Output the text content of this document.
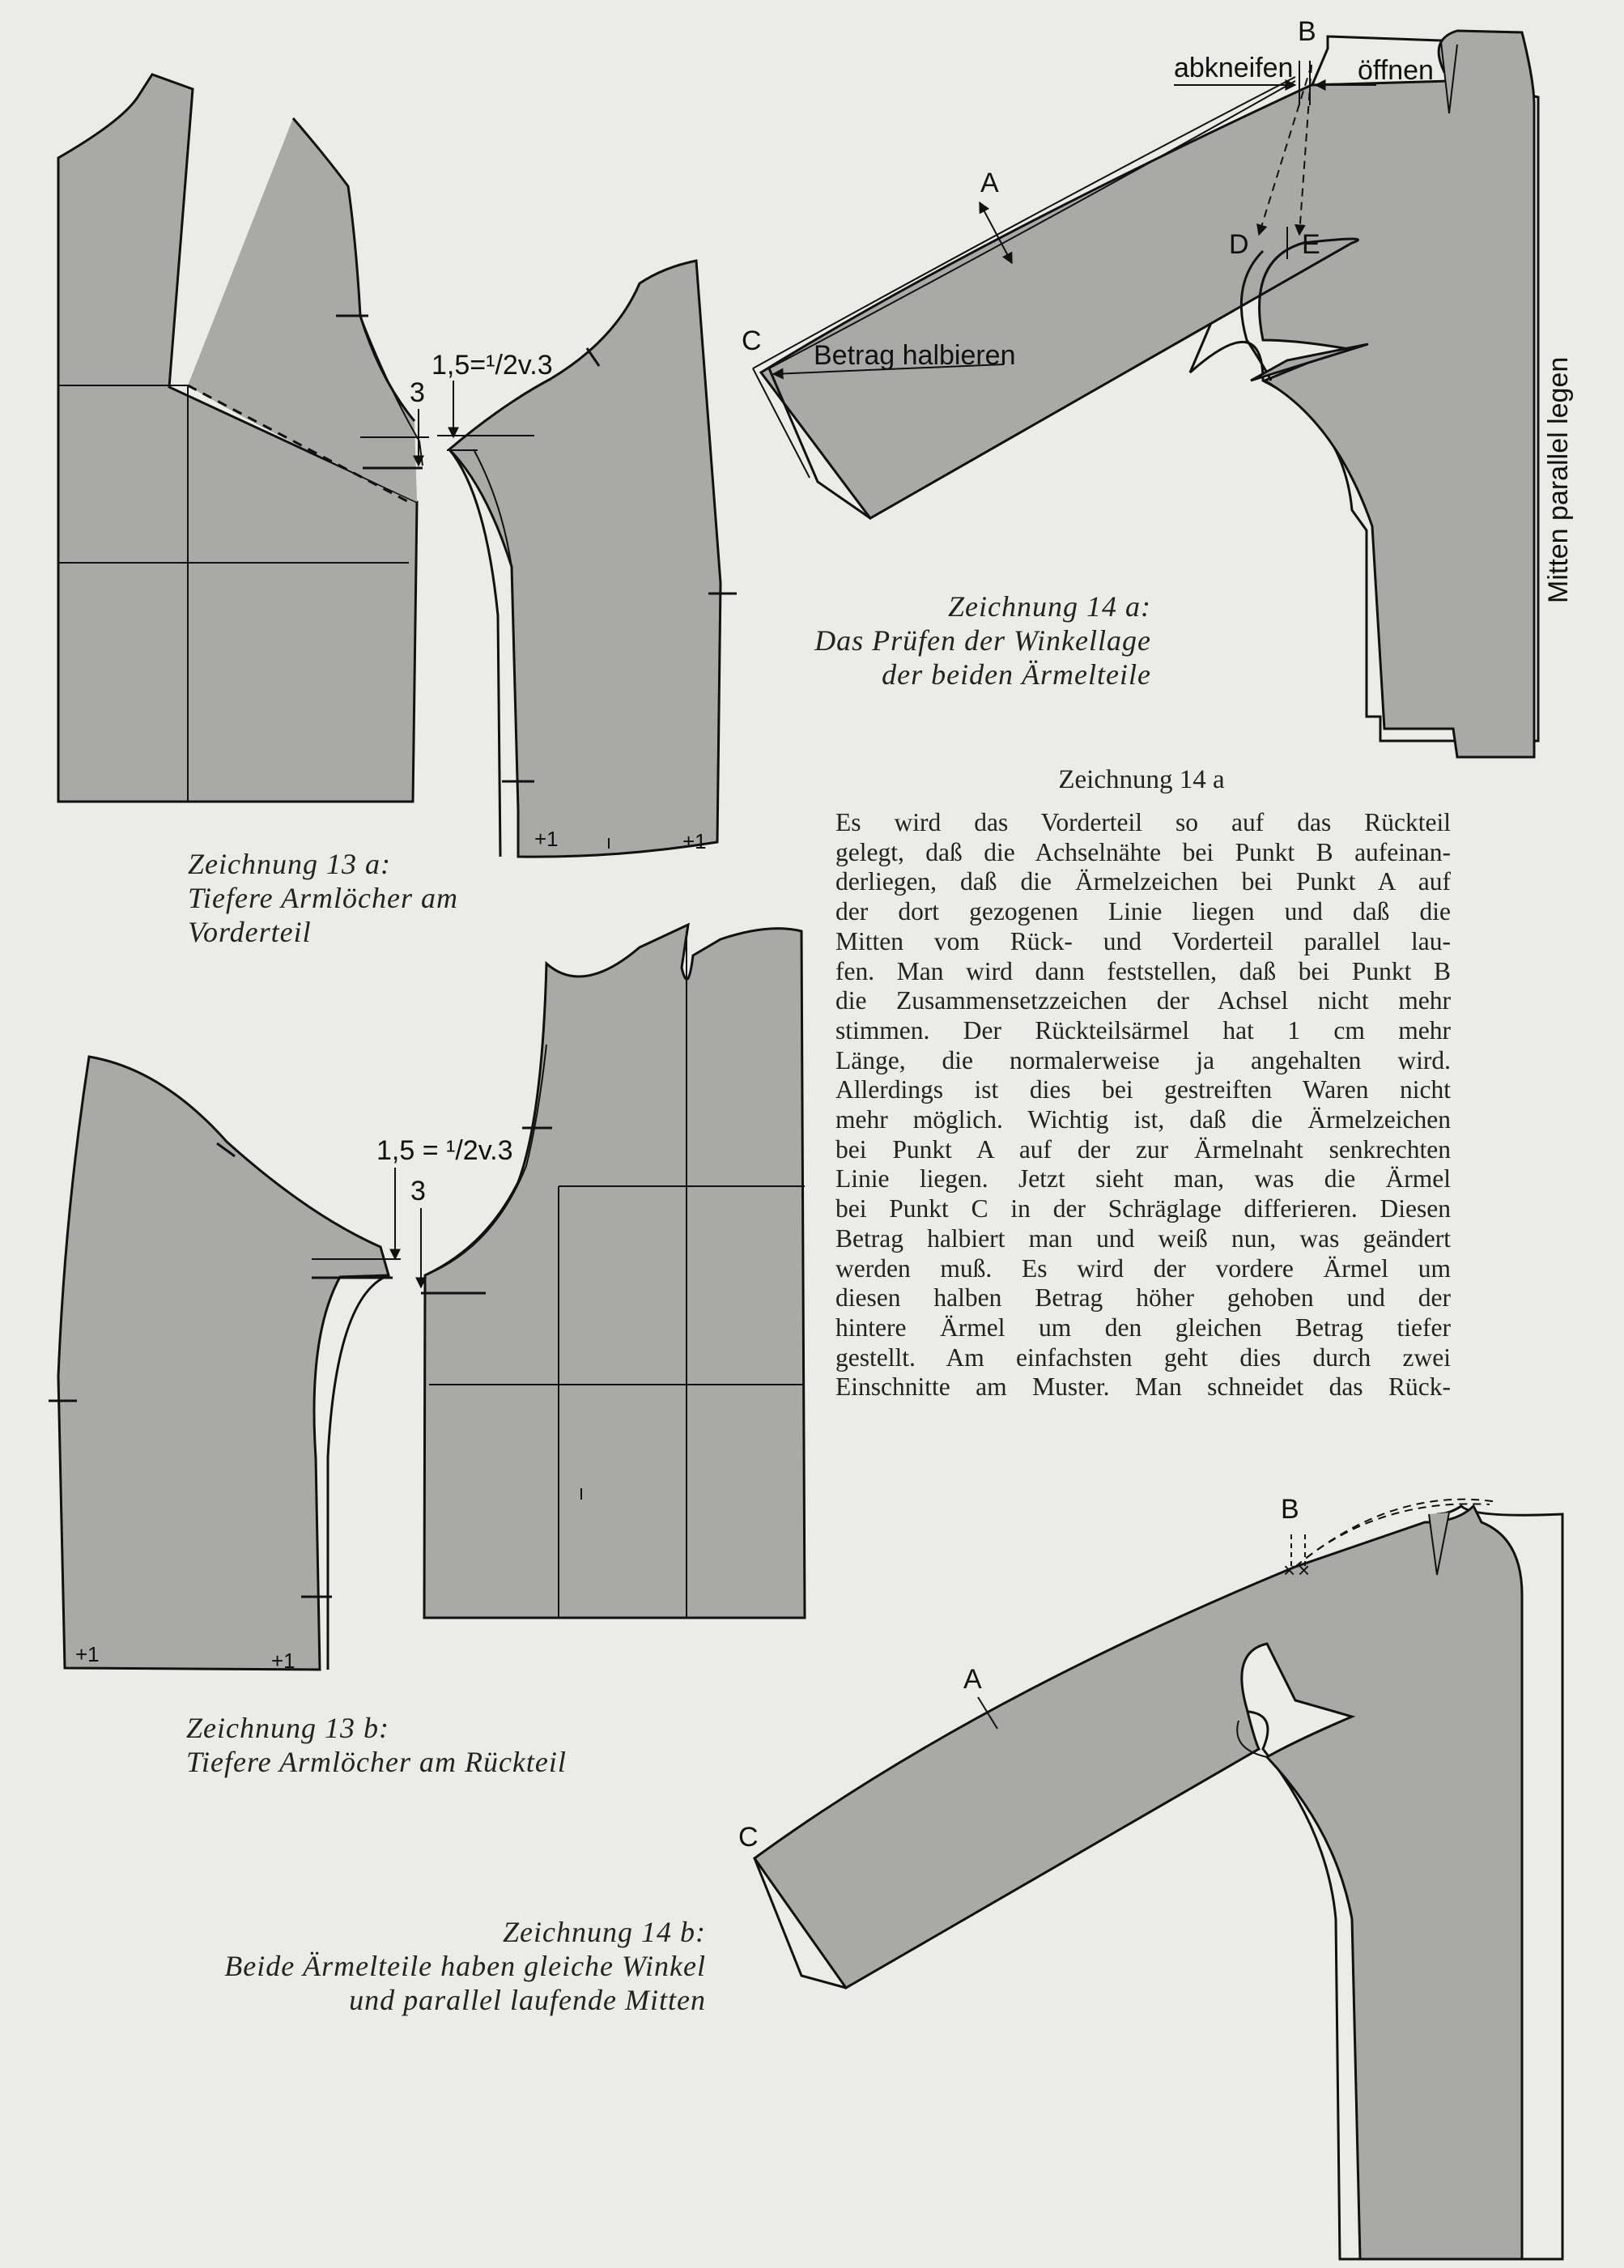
1,5=¹/2v.3
3
+1	+1
1,5 = ¹/2v.3
3
+1	+1
B
abkneifen öffnen
A
C
D E
Betrag halbieren
Mitten parallel legen
× ×
B
A
C

Zeichnung 13 a:
Tiefere Armlöcher am
Vorderteil

Zeichnung 13 b:
Tiefere Armlöcher am Rückteil

Zeichnung 14 a:
Das Prüfen der Winkellage
der beiden Ärmelteile

Zeichnung 14 b:
Beide Ärmelteile haben gleiche Winkel
und parallel laufende Mitten

Zeichnung 14 a
Es wird das Vorderteil so auf das Rückteil
gelegt, daß die Achselnähte bei Punkt B aufeinan-
derliegen, daß die Ärmelzeichen bei Punkt A auf
der dort gezogenen Linie liegen und daß die
Mitten vom Rück- und Vorderteil parallel lau-
fen. Man wird dann feststellen, daß bei Punkt B
die Zusammensetzzeichen der Achsel nicht mehr
stimmen. Der Rückteilsärmel hat 1 cm mehr
Länge, die normalerweise ja angehalten wird.
Allerdings ist dies bei gestreiften Waren nicht
mehr möglich. Wichtig ist, daß die Ärmelzeichen
bei Punkt A auf der zur Ärmelnaht senkrechten
Linie liegen. Jetzt sieht man, was die Ärmel
bei Punkt C in der Schräglage differieren. Diesen
Betrag halbiert man und weiß nun, was geändert
werden muß. Es wird der vordere Ärmel um
diesen halben Betrag höher gehoben und der
hintere Ärmel um den gleichen Betrag tiefer
gestellt. Am einfachsten geht dies durch zwei
Einschnitte am Muster. Man schneidet das Rück-
